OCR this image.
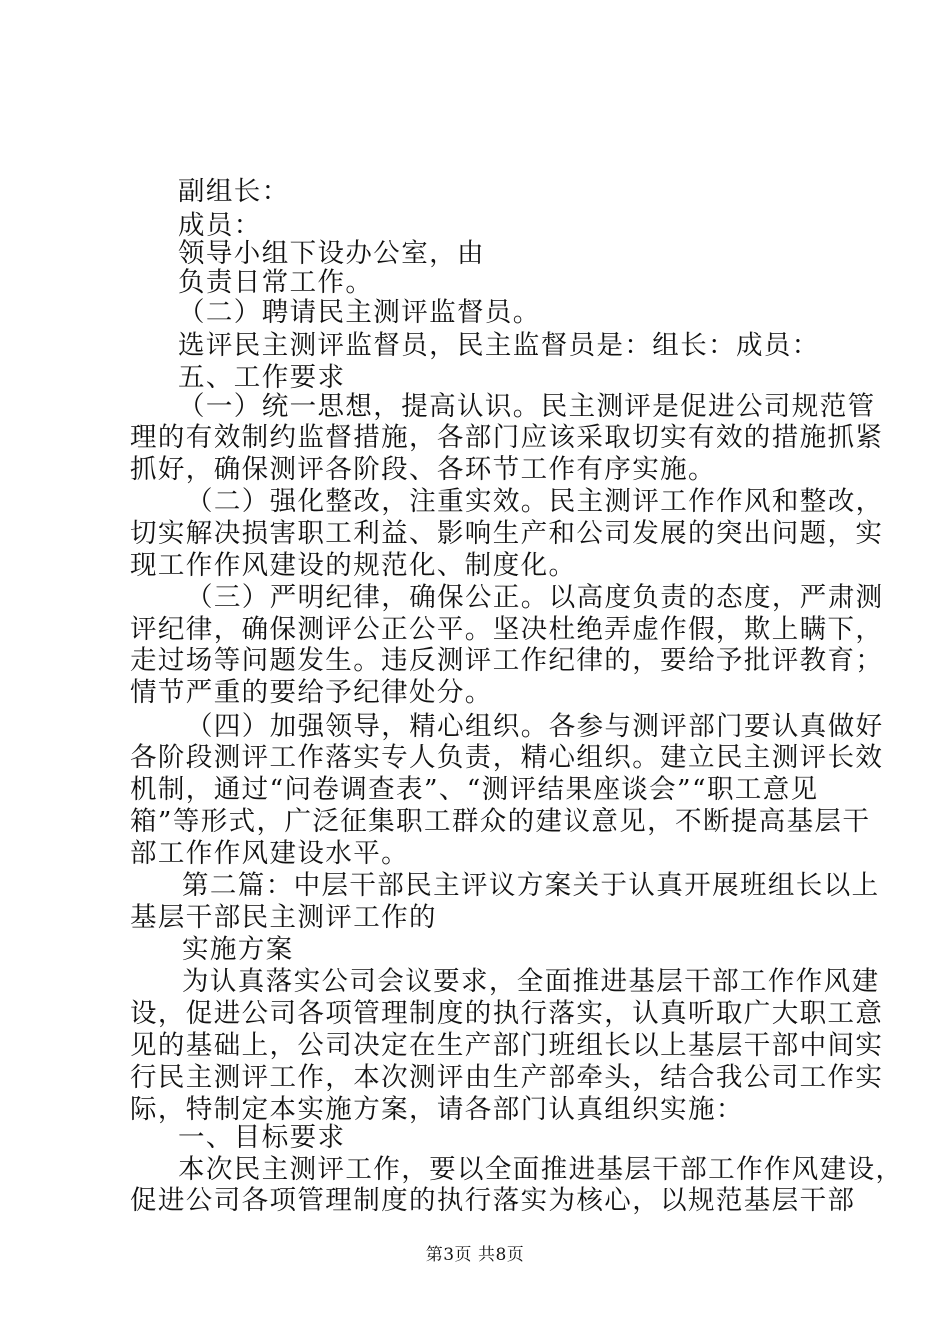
副组长：
成员：
领导小组下设办公室，由
负责日常工作。
（二）聘请民主测评监督员。
选评民主测评监督员，民主监督员是：组长：成员：
五、工作要求
（一）统一思想，提高认识。民主测评是促进公司规范管
理的有效制约监督措施，各部门应该采取切实有效的措施抓紧
抓好，确保测评各阶段、各环节工作有序实施。
（二）强化整改，注重实效。民主测评工作作风和整改，
切实解决损害职工利益、影响生产和公司发展的突出问题，实
现工作作风建设的规范化、制度化。
（三）严明纪律，确保公正。以高度负责的态度，严肃测
评纪律，确保测评公正公平。坚决杜绝弄虚作假，欺上瞒下，
走过场等问题发生。违反测评工作纪律的，要给予批评教育；
情节严重的要给予纪律处分。
（四）加强领导，精心组织。各参与测评部门要认真做好
各阶段测评工作落实专人负责，精心组织。建立民主测评长效
机制，通过“问卷调查表”、“测评结果座谈会”“职工意见
箱”等形式，广泛征集职工群众的建议意见，不断提高基层干
部工作作风建设水平。
第二篇：中层干部民主评议方案关于认真开展班组长以上
基层干部民主测评工作的
实施方案
为认真落实公司会议要求，全面推进基层干部工作作风建
设，促进公司各项管理制度的执行落实，认真听取广大职工意
见的基础上，公司决定在生产部门班组长以上基层干部中间实
行民主测评工作，本次测评由生产部牵头，结合我公司工作实
际，特制定本实施方案，请各部门认真组织实施：
一、目标要求
本次民主测评工作，要以全面推进基层干部工作作风建设，
促进公司各项管理制度的执行落实为核心，以规范基层干部
第3页 共8页
